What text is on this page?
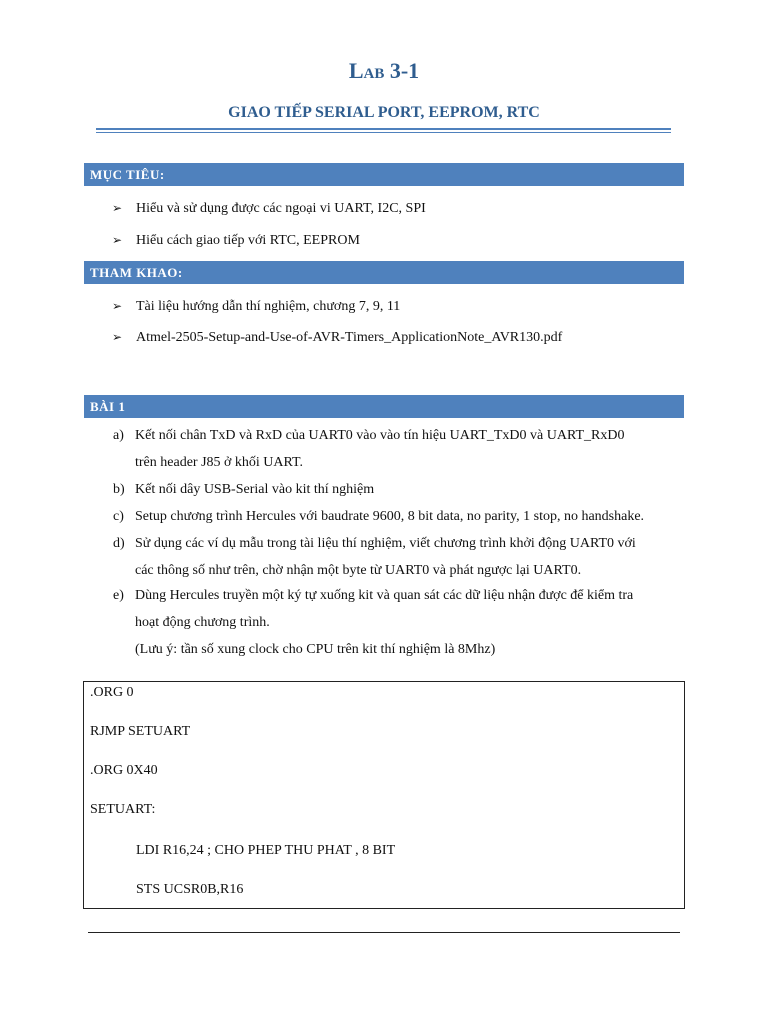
Lab 3-1
GIAO TIẾP SERIAL PORT, EEPROM, RTC
MỤC TIÊU:
➢ Hiểu và sử dụng được các ngoại vi UART, I2C, SPI
➢ Hiểu cách giao tiếp với RTC, EEPROM
THAM KHAO:
➢ Tài liệu hướng dẫn thí nghiệm, chương 7, 9, 11
➢ Atmel-2505-Setup-and-Use-of-AVR-Timers_ApplicationNote_AVR130.pdf
BÀI 1
a) Kết nối chân TxD và RxD của UART0 vào vào tín hiệu UART_TxD0 và UART_RxD0
trên header J85 ở khối UART.
b) Kết nối dây USB-Serial vào kit thí nghiệm
c) Setup chương trình Hercules với baudrate 9600, 8 bit data, no parity, 1 stop, no handshake.
d) Sử dụng các ví dụ mẫu trong tài liệu thí nghiệm, viết chương trình khởi động UART0 với
các thông số như trên, chờ nhận một byte từ UART0 và phát ngược lại UART0.
e) Dùng Hercules truyền một ký tự xuống kit và quan sát các dữ liệu nhận được để kiểm tra
hoạt động chương trình.
(Lưu ý: tần số xung clock cho CPU trên kit thí nghiệm là 8Mhz)
.ORG 0
RJMP SETUART
.ORG 0X40
SETUART:
LDI R16,24 ; CHO PHEP THU PHAT , 8 BIT
STS UCSR0B,R16
